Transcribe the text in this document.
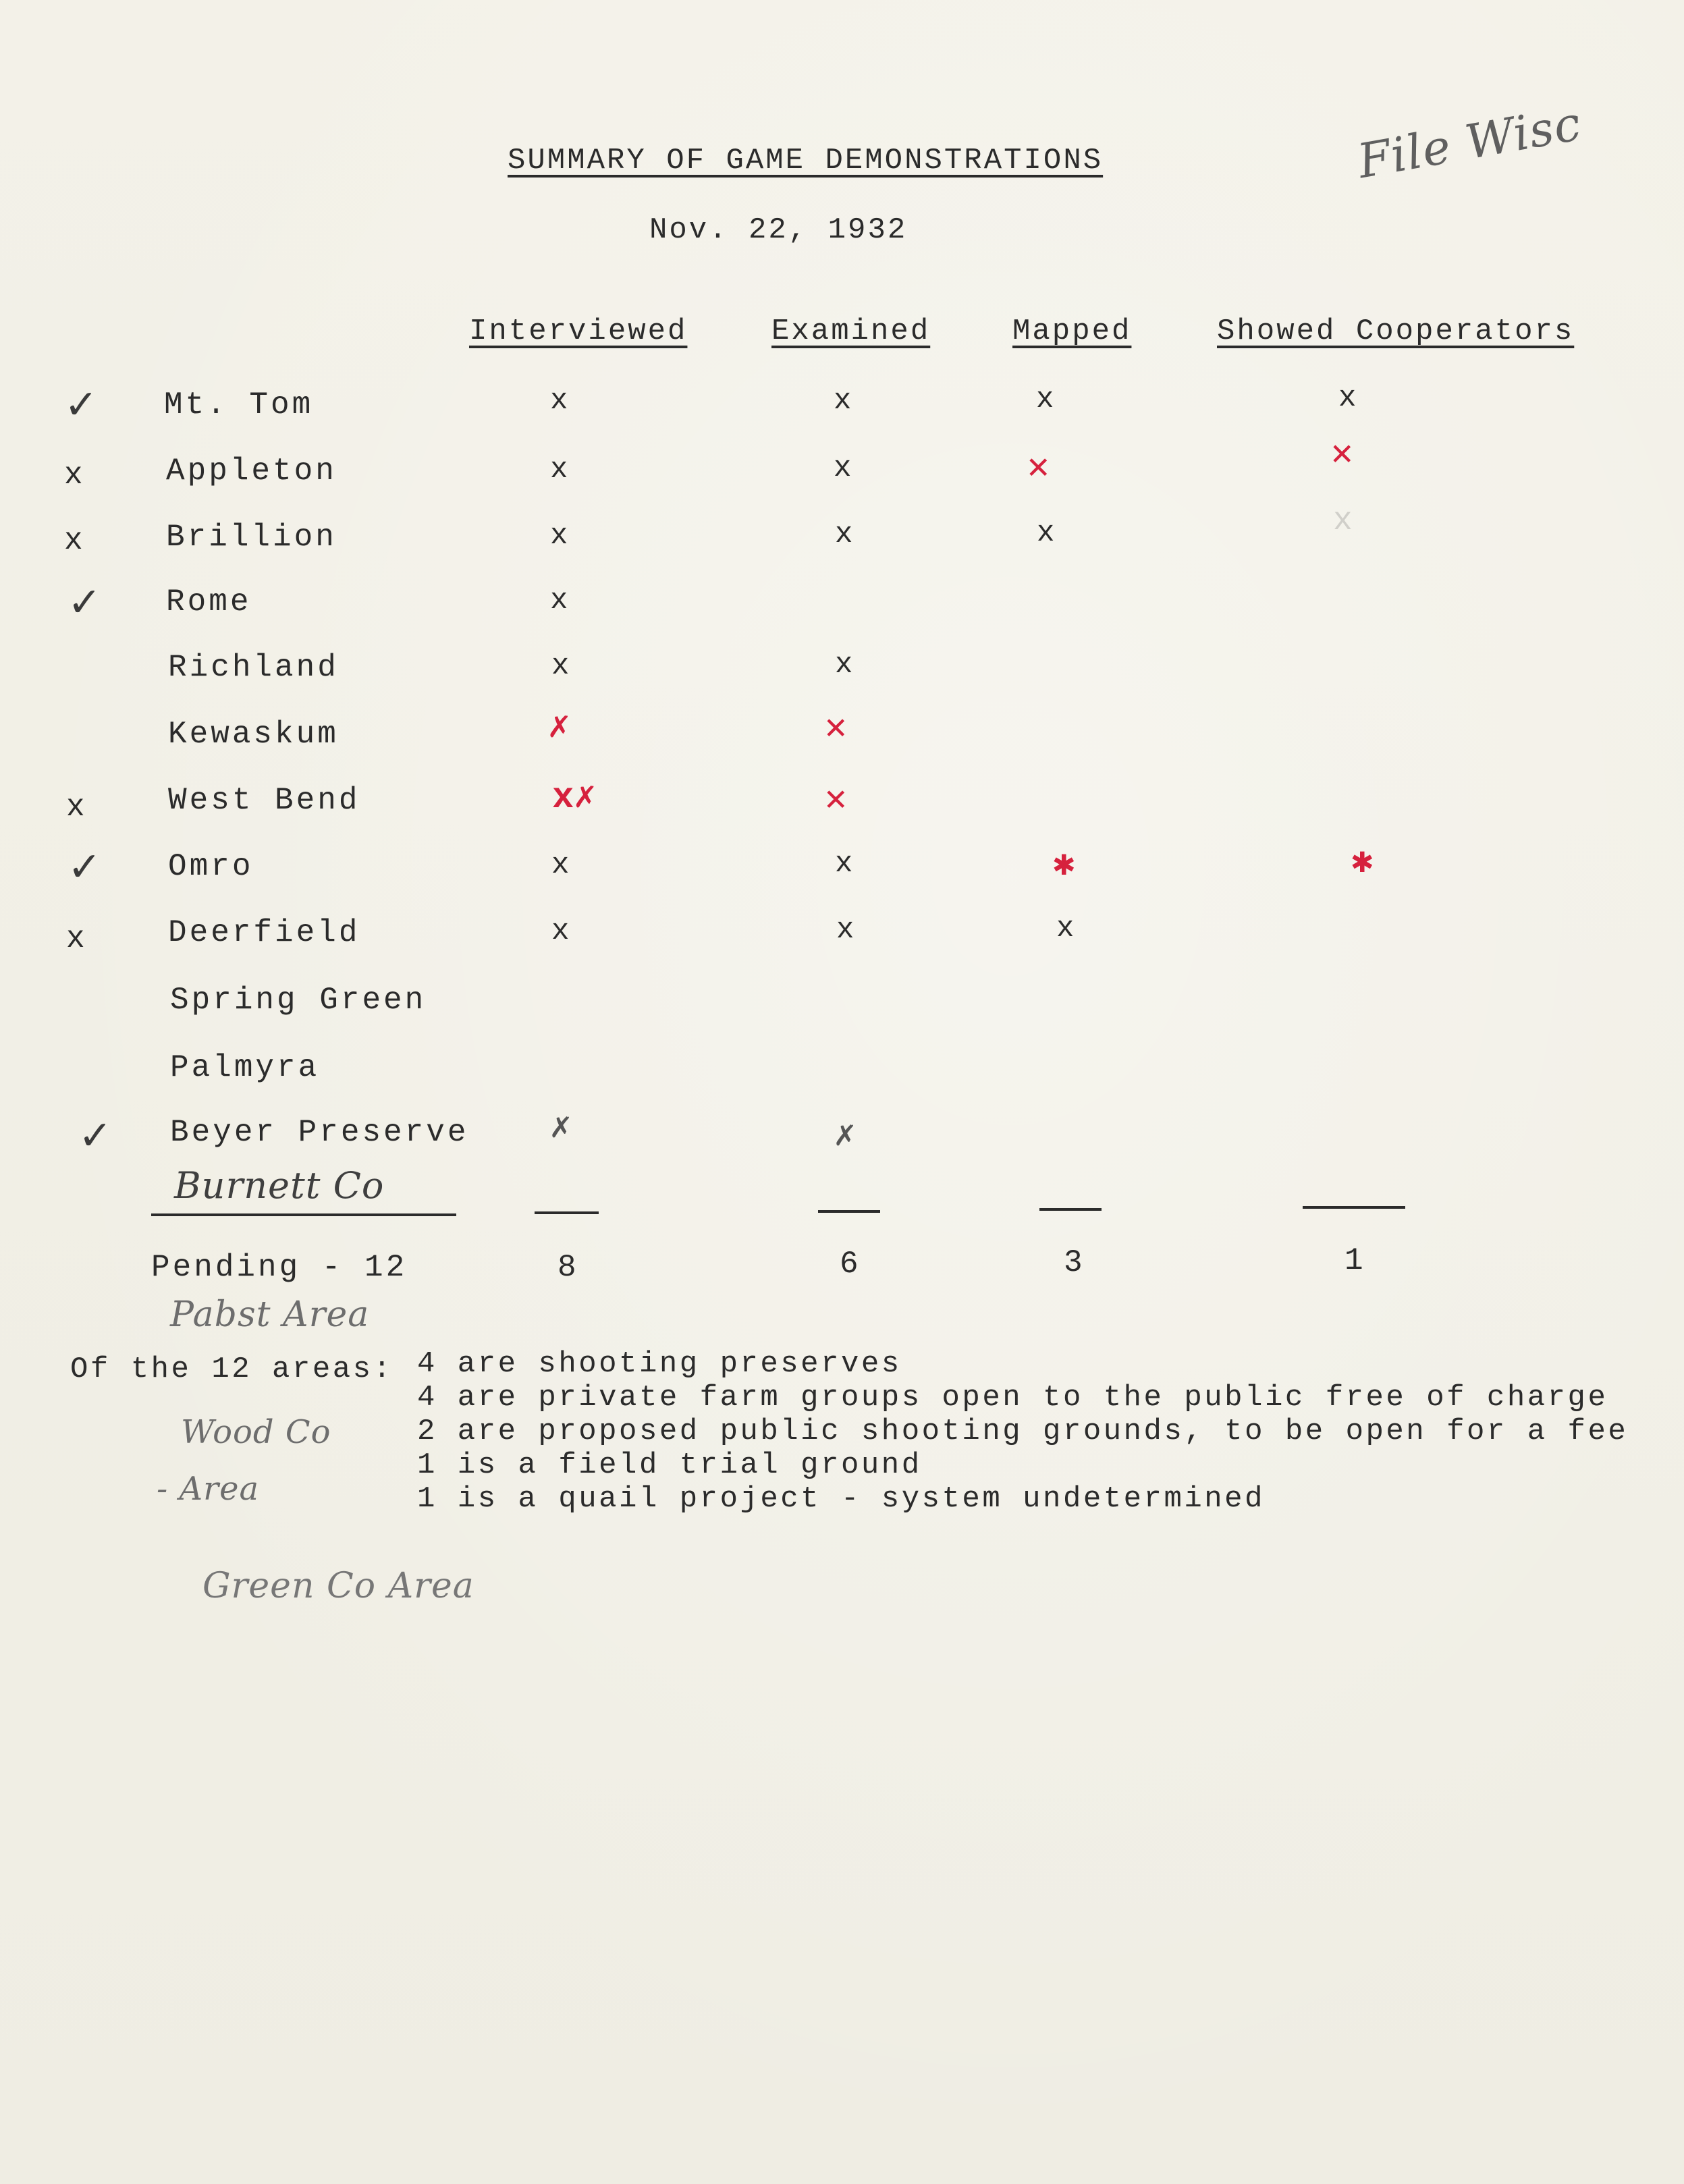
File Wisc
SUMMARY OF GAME DEMONSTRATIONS
Nov. 22, 1932
Interviewed	Examined	Mapped	Showed Cooperators
✓ Mt. Tom	x	x	x	x
x	Appleton	x	x	✕	✕
x	Brillion	x	x	x	x
✓ Rome	x
Richland	x	x
Kewaskum	✗	✕
x	West Bend	x✗	✕
✓ Omro	x	x	✱	✱
x	Deerfield	x	x	x
Spring Green
Palmyra
✓ Beyer Preserve ✗	✗
Burnett Co
Pending - 12	8	6	3	1
Pabst Area
Of the 12 areas: 4 are shooting preserves
4 are private farm groups open to the public free of charge
2 are proposed public shooting grounds, to be open for a fee
1 is a field trial ground
1 is a quail project - system undetermined
Wood Co
- Area
Green Co Area
